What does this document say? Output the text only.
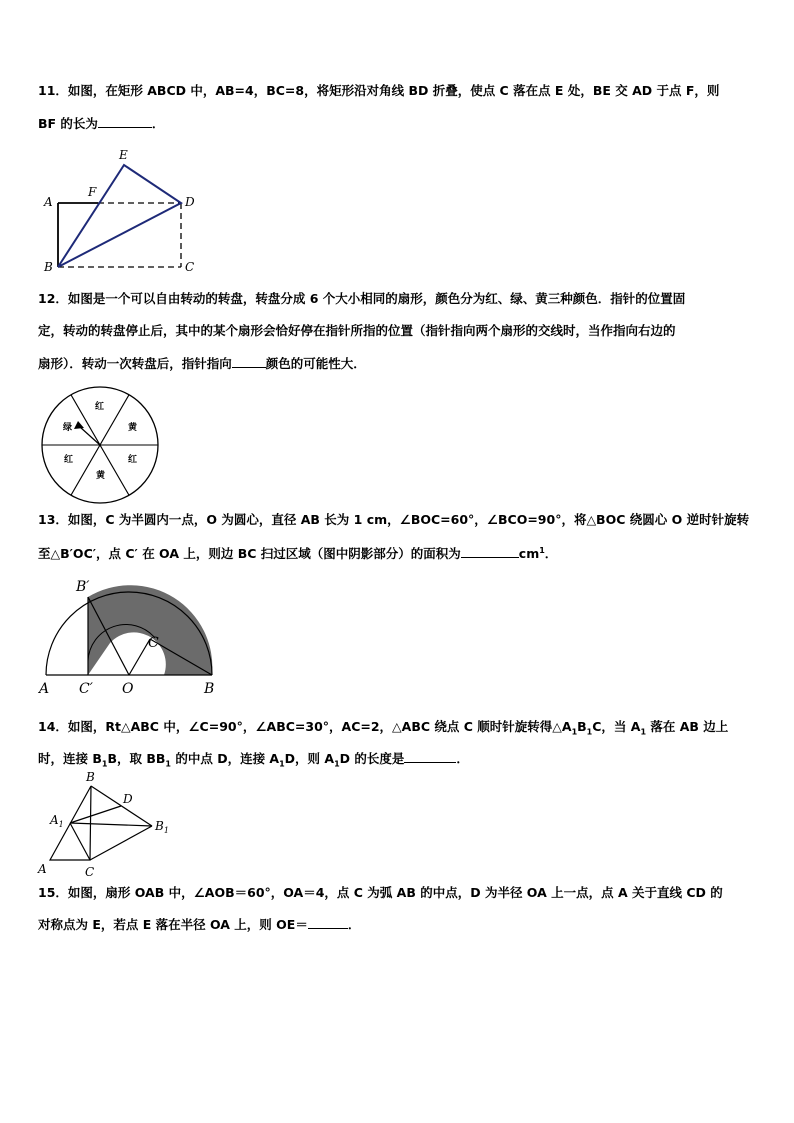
11．如图，在矩形 ABCD 中，AB=4，BC=8，将矩形沿对角线 BD 折叠，使点 C 落在点 E 处，BE 交 AD 于点 F，则
BF 的长为	．
E
F
A	D
B	C
12．如图是一个可以自由转动的转盘，转盘分成 6 个大小相同的扇形，颜色分为红、绿、黄三种颜色．指针的位置固
定，转动的转盘停止后，其中的某个扇形会恰好停在指针所指的位置（指针指向两个扇形的交线时，当作指向右边的
扇形）．转动一次转盘后，指针指向	颜色的可能性大．
红
黄
红
黄
红
绿
13．如图，C 为半圆内一点，O 为圆心，直径 AB 长为 1 cm，∠BOC=60°，∠BCO=90°，将△BOC 绕圆心 O 逆时针旋转
至△B′OC′，点 C′ 在 OA 上，则边 BC 扫过区域（图中阴影部分）的面积为	$cm^1$．
B′
C
A C′ O	B
14．如图，Rt△ABC 中，∠C=90°，∠ABC=30°，AC=2，△ABC 绕点 C 顺时针旋转得$\triangle A_1B_1C$，当 $A_1$ 落在 AB 边上
时，连接 $B_1B$，取 $BB_1$ 的中点 D，连接 $A_1D$，则 $A_1D$ 的长度是	．
B
D
$A_1$	$B_1$
A	C
15．如图，扇形 OAB 中，∠AOB＝60°，OA＝4，点 C 为弧 AB 的中点，D 为半径 OA 上一点，点 A 关于直线 CD 的
对称点为 E，若点 E 落在半径 OA 上，则 OE＝	．
